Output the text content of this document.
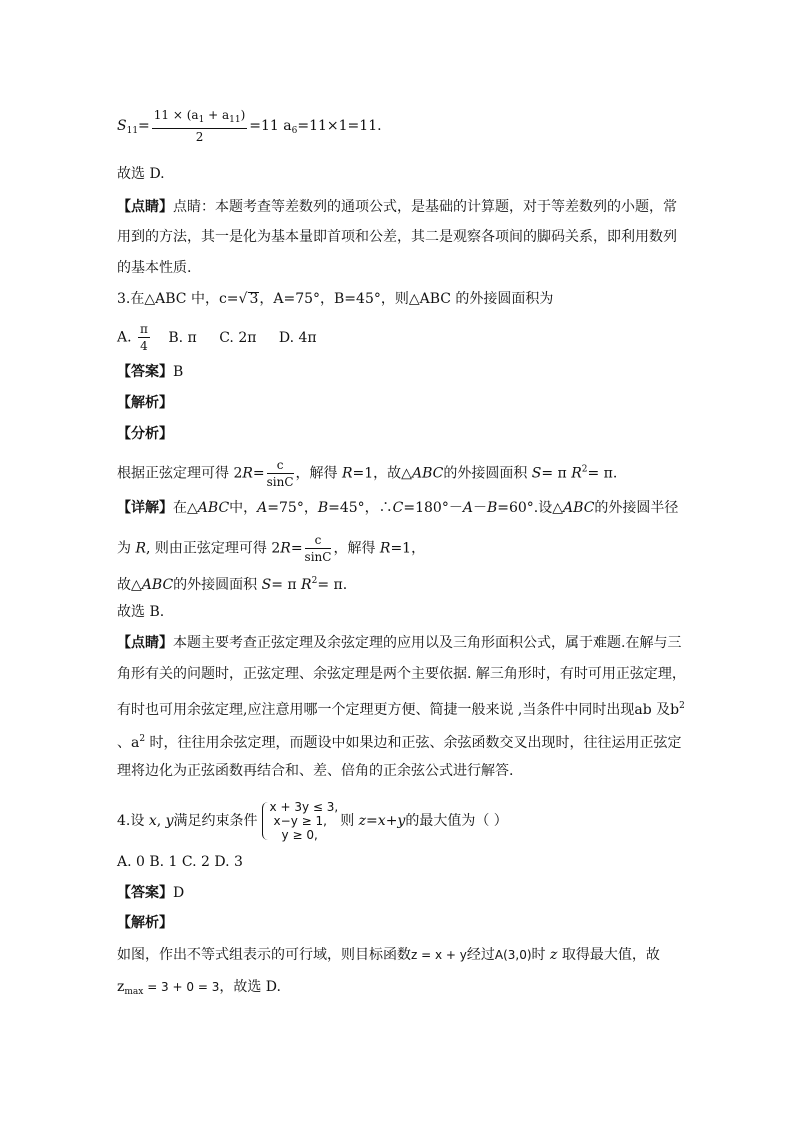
$S_{11}= \frac{11 \times (a_1 + a_{11})}{2} =11$ $a_6=11\times 1=11$.
故选 D.
【点睛】点睛：本题考查等差数列的通项公式，是基础的计算题，对于等差数列的小题，常
用到的方法，其一是化为基本量即首项和公差，其二是观察各项间的脚码关系，即利用数列
的基本性质.
3.在△ABC 中，c=√ 3，A=75°，B=45°，则△ABC 的外接圆面积为
A. $\frac{\pi}{4} B$. π C. 2π D. 4π
【答案】B
【解析】
【分析】
根据正弦定理可得 $2R= \frac{c}{\sin C}$ ，解得 R=1，故△ABC的外接圆面积 S= π $R^2= \pi$.
【详解】在△ABC中，A=75°，B=45°，∴C=180°－A－B=60°.设△ABC的外接圆半径
为 R, 则由正弦定理可得 $2R= \frac{c}{\sin C}$ ，解得 R=1，
故△ABC的外接圆面积 S= π $R^2= \pi$.
故选 B.
【点睛】本题主要考查正弦定理及余弦定理的应用以及三角形面积公式，属于难题.在解与三
角形有关的问题时，正弦定理、余弦定理是两个主要依据. 解三角形时，有时可用正弦定理，
有时也可用余弦定理,应注意用哪一个定理更方便、简捷一般来说 ,当条件中同时出现ab 及$b^2$
、$a^2$ 时，往往用余弦定理，而题设中如果边和正弦、余弦函数交叉出现时，往往运用正弦定
理将边化为正弦函数再结合和、差、倍角的正余弦公式进行解答.
4.设 x, y满足约束条件
x + 3y ≤ 3,
x−y ≥ 1,
y ≥ 0,
则 z=x+y的最大值为（ ）
A. 0 B. 1 C. 2 D. 3
【答案】D
【解析】
如图，作出不等式组表示的可行域，则目标函数z = x + y经过A(3,0)时 z 取得最大值，故
$z_{max} = 3 + 0 = 3$，故选 D.
